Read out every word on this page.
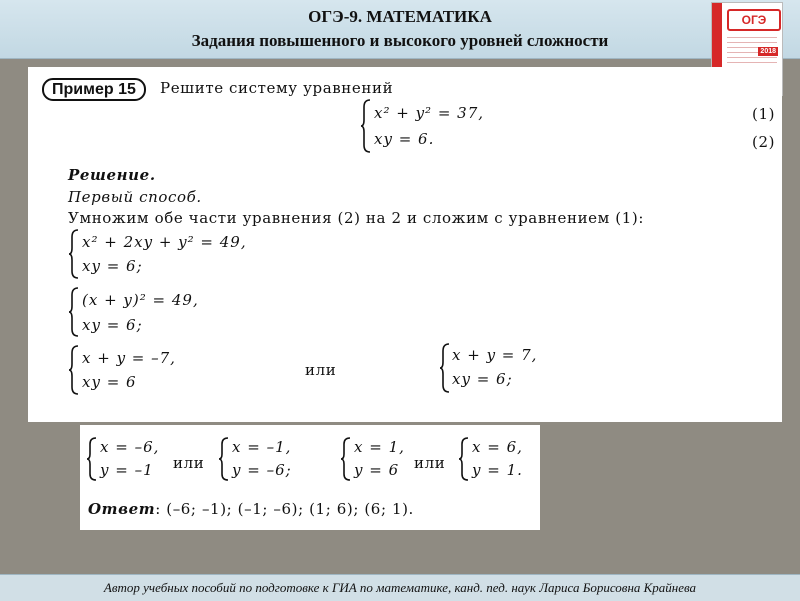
ОГЭ-9. МАТЕМАТИКА
Задания повышенного и высокого уровней сложности
ОГЭ
2018
Пример 15	Решите систему уравнений
x² + y² = 37,
xy = 6.
(1)
(2)
Решение.
Первый способ.
Умножим обе части уравнения (2) на 2 и сложим с уравнением (1):
x² + 2xy + y² = 49,
xy = 6;
(x + y)² = 49,
xy = 6;
x + y = –7,
xy = 6
или
x + y = 7,
xy = 6;
x = –6,
y = –1 или
x = –1,
y = –6;
x = 1,
y = 6 или
x = 6,
y = 1.
Ответ: (–6; –1); (–1; –6); (1; 6); (6; 1).
Автор учебных пособий по подготовке к ГИА по математике, канд. пед. наук Лариса Борисовна Крайнева
